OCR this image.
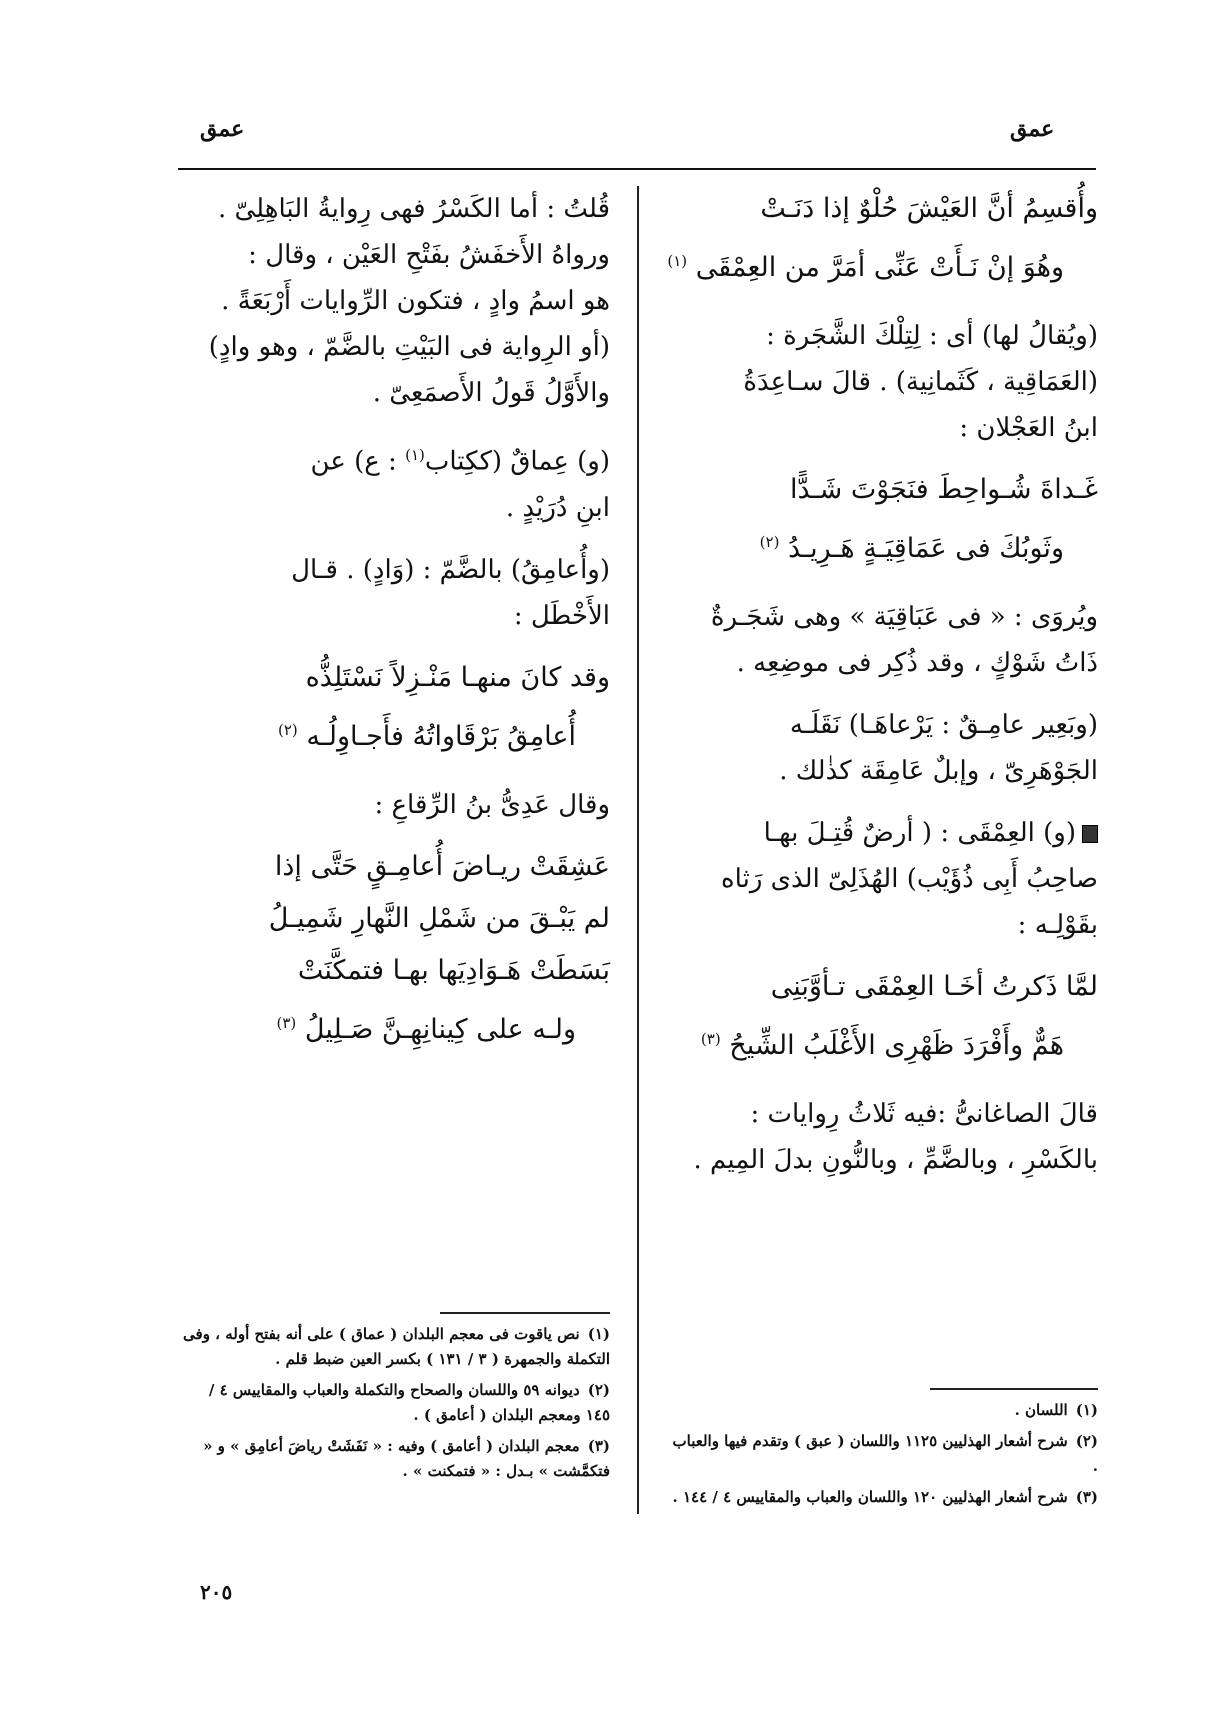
عمق	عمق
وأُقسِمُ أنَّ العَيْشَ حُلْوٌ إذا دَنَـتْ
وهُوَ إنْ نَـأَتْ عَنِّى أمَرَّ من العِمْقَى $^{(١)}$
(ويُقالُ لها) أى : لِتِلْكَ الشَّجَرة :
(العَمَاقِية ، كَثَمانِية) . قالَ سـاعِدَةُ
ابنُ العَجْلان :
غَـداةَ شُـواحِطَ فنَجَوْتَ شَـدًّا
وثَوبُكَ فى عَمَاقِيَـةٍ هَـرِيـدُ $^{(٢)}$
ويُروَى : « فى عَبَاقِيَة » وهى شَجَـرةٌ
ذَاتُ شَوْكٍ ، وقد ذُكِر فى موضِعِه .
(وبَعِير عامِـقٌ : يَرْعاهَـا) نَقَلَـه
الجَوْهَرِىّ ، وإبلٌ عَامِقَة كذٰلك .
(و) العِمْقَى : ( أرضٌ قُتِـلَ بهـا
صاحِبُ أَبِى ذُؤَيْب) الهُذَلِىّ الذى رَثاه
بقَوْلِـه :
لمَّا ذَكرتُ أخَـا العِمْقَى تـأوَّبَنِى
هَمٌّ وأَفْرَدَ ظَهْرِى الأَغْلَبُ الشِّيحُ $^{(٣)}$
قالَ الصاغانىُّ :فيه ثَلاثُ رِوايات :
بالكَسْرِ ، وبالضَّمِّ ، وبالنُّونِ بدلَ المِيم .
قُلتُ : أما الكَسْرُ فهى رِوايةُ البَاهِلِىّ .
ورواهُ الأَخفَشُ بفَتْحِ العَيْن ، وقال :
هو اسمُ وادٍ ، فتكون الرِّوايات أَرْبَعَةً .
(أو الرِواية فى البَيْتِ بالضَّمّ ، وهو وادٍ)
والأَوَّلُ قَولُ الأَصمَعِىّ .
(و) عِماقٌ (ككِتاب$^{(١)}$ : ع) عن
ابنِ دُرَيْدٍ .
(وأُعامِقُ) بالضَّمّ : (وَادٍ) . قـال
الأَخْطَل :
وقد كانَ منهـا مَنْـزِلاً نَسْتَلِذُّه
أُعامِقُ بَرْقَاواتُهُ فأَجـاوِلُـه $^{(٢)}$
وقال عَدِىُّ بنُ الرِّقاعِ :
عَشِقَتْ ريـاضَ أُعامِـقٍ حَتَّى إذا
لم يَبْـقَ من شَمْلِ النَّهارِ شَمِيـلُ
بَسَطَتْ هَـوَادِيَها بهـا فتمكَّنَتْ
ولـه على كِينانِهِـنَّ صَـلِيلُ $^{(٣)}$
(١)نص ياقوت فى معجم البلدان ( عماق ) على أنه بفتح أوله ، وفى التكملة والجمهرة ( ٣ / ١٣١ ) بكسر العين ضبط قلم .
(٢)ديوانه ٥٩ واللسان والصحاح والتكملة والعباب والمقاييس ٤ / ١٤٥ ومعجم البلدان ( أعامق ) .
(٣)معجم البلدان ( أعامق ) وفيه : « نَفَشَتْ رياضَ أعامِق » و « فتكمَّشت » بـدل : « فتمكنت » .
(١)اللسان .
(٢)شرح أشعار الهذليين ١١٢٥ واللسان ( عبق ) وتقدم فيها والعباب .
(٣)شرح أشعار الهذليين ١٢٠ واللسان والعباب والمقاييس ٤ / ١٤٤ .
٢٠٥
